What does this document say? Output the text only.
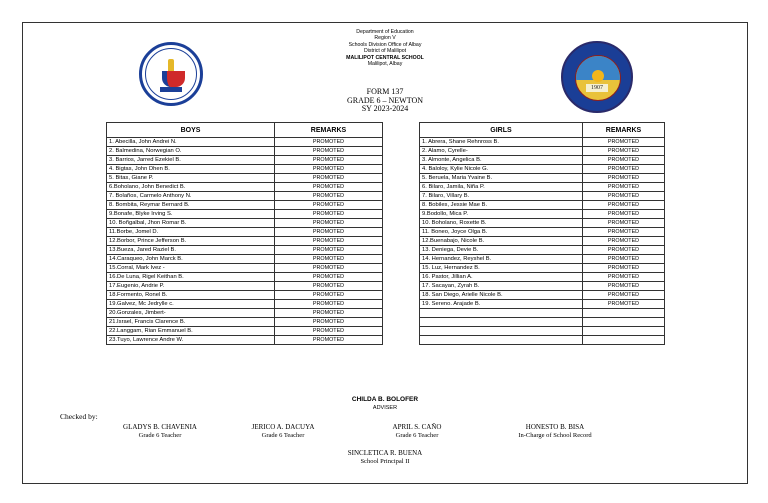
Department of Education
Region V
Schools Division Office of Albay
District of Malilipot
MALILIPOT CENTRAL SCHOOL
Malilipot, Albay
FORM 137
GRADE 6 – NEWTON
SY 2023-2024
1907
BOYS	REMARKS
1. Abecilla, John Andrei N.	PROMOTED
2. Balmedina, Norwegian O.	PROMOTED
3. Barrios, Jarred Ezekiel B.	PROMOTED
4. Bigtas, John Dhen B.	PROMOTED
5. Bitas, Giane P.	PROMOTED
6.Boholano, John Benedict B.	PROMOTED
7. Bolaños, Carmelo Anthony N.	PROMOTED
8. Bombita, Reymar Bernard B.	PROMOTED
9.Bonafe, Blyke Irving S.	PROMOTED
10. Boñgalbal, Jhon Romar B.	PROMOTED
11.Borbe, Jomel D.	PROMOTED
12.Borbor, Prince Jefferson B.	PROMOTED
13.Bueza, Jared Raziel B.	PROMOTED
14.Caraqueo, John Marck B.	PROMOTED
15.Corral, Mark Ivez -	PROMOTED
16.De Luna, Rigel Keithan B.	PROMOTED
17.Eugenio, Andrie P.	PROMOTED
18.Formento, Ronel B.	PROMOTED
19.Galvez, Mc Jedrylle c.	PROMOTED
20.Gonzales, Jimbert-	PROMOTED
21.Israel, Francis Clarence B.	PROMOTED
22.Langgam, Rian Emmanuel B.	PROMOTED
23.Tuyo, Lawrence Andre W.	PROMOTED
GIRLS	REMARKS
1. Abrera, Shane Rehnross B.	PROMOTED
2. Alamo, Cyrelle-	PROMOTED
3. Almonte, Angelica B.	PROMOTED
4. Baloloy, Kylie Nicole G.	PROMOTED
5. Beruela, Maria Yvaine B.	PROMOTED
6. Bilaro, Jamila, Niña P.	PROMOTED
7. Bilaro, Villary B.	PROMOTED
8. Bobiles, Jessie Mae B.	PROMOTED
9.Bodollo, Mica P.	PROMOTED
10. Boholano, Roxette B.	PROMOTED
11. Boneo, Joyce Olga B.	PROMOTED
12.Buenabajo, Nicole B.	PROMOTED
13. Deniega, Devie B.	PROMOTED
14. Hernandez, Reyshel B.	PROMOTED
15. Luz, Hernandez B.	PROMOTED
16. Pastor, Jillian A.	PROMOTED
17. Sacayan, Zyrah B.	PROMOTED
18. San Diego, Arielle Nicole B.	PROMOTED
19. Sereno. Arajade B.	PROMOTED

CHILDA B. BOLOFER
ADVISER
Checked by:
GLADYS B. CHAVENIA
Grade 6 Teacher
JERICO A. DACUYA
Grade 6 Teacher
APRIL S. CAÑO
Grade 6 Teacher
HONESTO B. BISA
In-Charge of School Record
SINCLETICA R. BUENA
School Principal II
